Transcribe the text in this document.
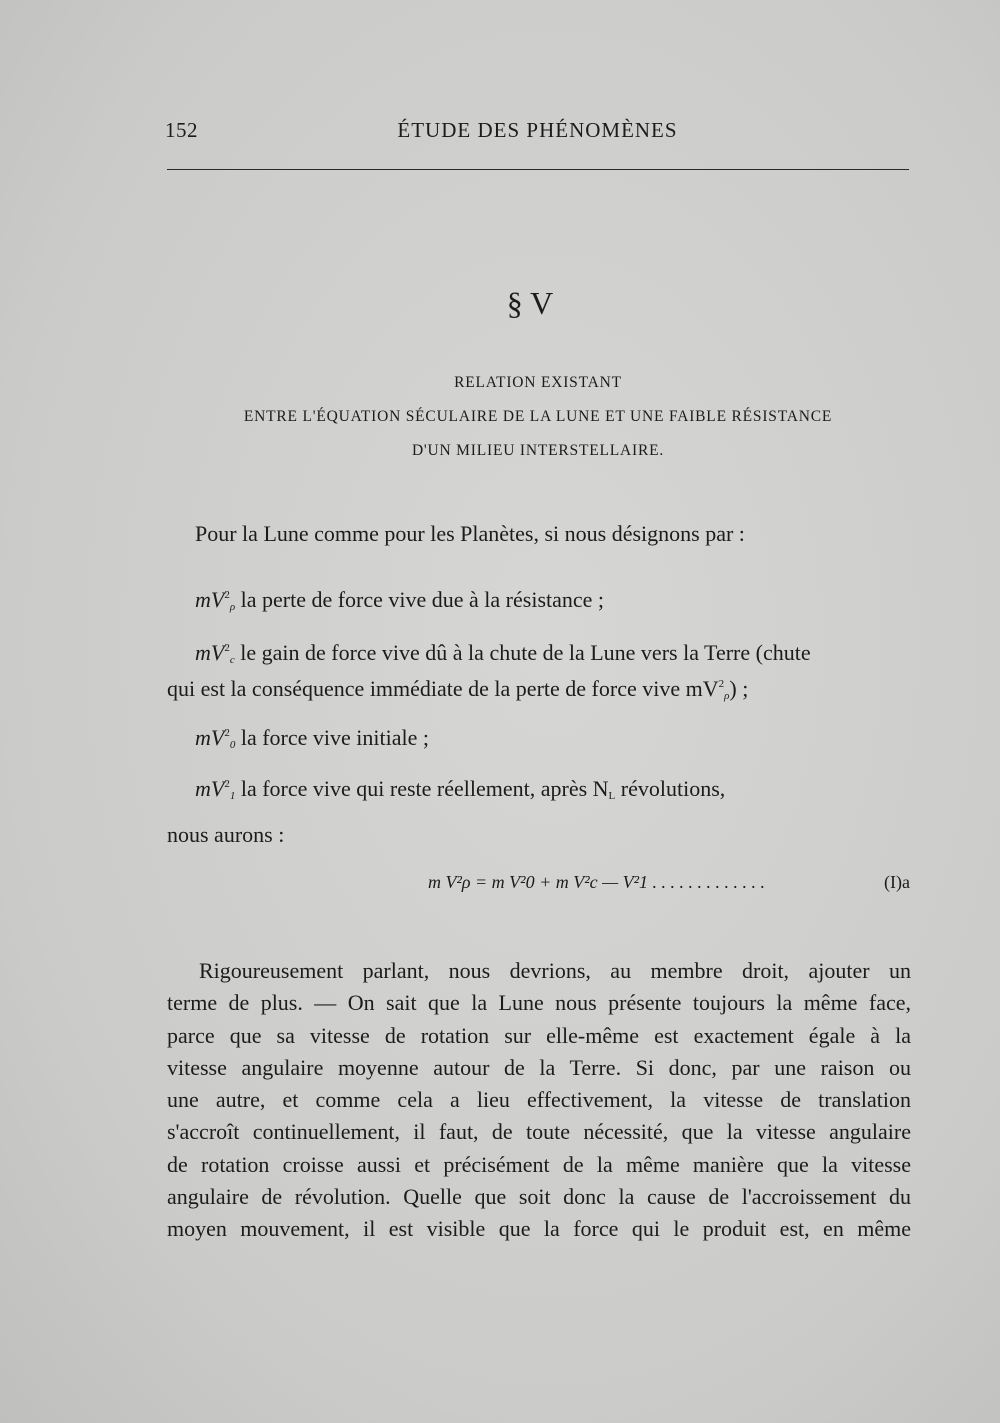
152	ÉTUDE DES PHÉNOMÈNES
§ V
RELATION EXISTANT
ENTRE L'ÉQUATION SÉCULAIRE DE LA LUNE ET UNE FAIBLE RÉSISTANCE
D'UN MILIEU INTERSTELLAIRE.
Pour la Lune comme pour les Planètes, si nous désignons par :
$mV^2_\rho$ la perte de force vive due à la résistance ;
$mV^2_c$ le gain de force vive dû à la chute de la Lune vers la Terre (chute
qui est la conséquence immédiate de la perte de force vive $mV^2_\rho$) ;
$mV^2_0$ la force vive initiale ;
$mV^2_1$ la force vive qui reste réellement, après $N_L$ révolutions,
nous aurons :
m V²ρ = m V²0 + m V²c — V²1 . . . . . . . . . . . . .	(I)a
Rigoureusement parlant, nous devrions, au membre droit, ajouter un
terme de plus. — On sait que la Lune nous présente toujours la même face,
parce que sa vitesse de rotation sur elle-même est exactement égale à la
vitesse angulaire moyenne autour de la Terre. Si donc, par une raison ou
une autre, et comme cela a lieu effectivement, la vitesse de translation
s'accroît continuellement, il faut, de toute nécessité, que la vitesse angulaire
de rotation croisse aussi et précisément de la même manière que la vitesse
angulaire de révolution. Quelle que soit donc la cause de l'accroissement du
moyen mouvement, il est visible que la force qui le produit est, en même
